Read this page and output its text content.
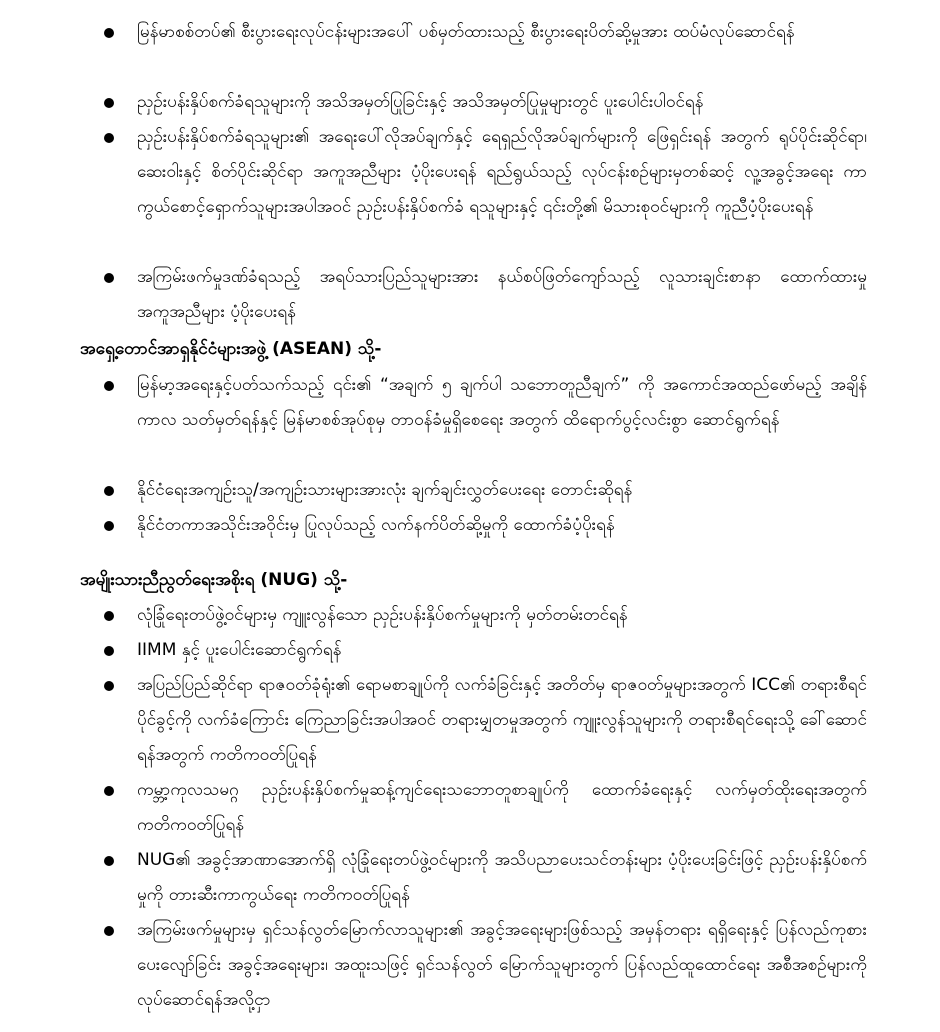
မြန်မာစစ်တပ်၏ စီးပွားရေးလုပ်ငန်းများအပေါ် ပစ်မှတ်ထားသည့် စီးပွားရေးပိတ်ဆို့မှုအား ထပ်မံလုပ်ဆောင်ရန်
ညှဥ်းပန်းနှိပ်စက်ခံရသူများကို အသိအမှတ်ပြုခြင်းနှင့် အသိအမှတ်ပြုမှုများတွင် ပူးပေါင်းပါဝင်ရန်
ညှဥ်းပန်းနှိပ်စက်ခံရသူများ၏ အရေးပေါ်လိုအပ်ချက်နှင့် ရေရှည်လိုအပ်ချက်များကို ဖြေရှင်းရန် အတွက် ရုပ်ပိုင်းဆိုင်ရာ၊ ဆေးဝါးနှင့် စိတ်ပိုင်းဆိုင်ရာ အကူအညီများ ပံ့ပိုးပေးရန် ရည်ရွယ်သည့် လုပ်ငန်းစဥ်များမှတစ်ဆင့် လူ့အခွင့်အရေး ကာကွယ်စောင့်ရှောက်သူများအပါအဝင် ညှဥ်းပန်းနှိပ်စက်ခံ ရသူများနှင့် ၎င်းတို့၏ မိသားစုဝင်များကို ကူညီပံ့ပိုးပေးရန်
အကြမ်းဖက်မှုဒဏ်ခံရသည့် အရပ်သားပြည်သူများအား နယ်စပ်ဖြတ်ကျော်သည့် လူသားချင်းစာနာ ထောက်ထားမှုအကူအညီများ ပံ့ပိုးပေးရန်
အရှေ့တောင်အာရှနိုင်ငံများအဖွဲ့ (ASEAN) သို့-
မြန်မာ့အရေးနှင့်ပတ်သက်သည့် ၎င်း၏ “အချက် ၅ ချက်ပါ သဘောတူညီချက်” ကို အကောင်အထည်ဖော်မည့် အချိန်ကာလ သတ်မှတ်ရန်နှင့် မြန်မာစစ်အုပ်စုမှ တာဝန်ခံမှုရှိစေရေး အတွက် ထိရောက်ပွင့်လင်းစွာ ဆောင်ရွက်ရန်
နိုင်ငံရေးအကျဥ်းသူ/အကျဥ်းသားများအားလုံး ချက်ချင်းလွှတ်ပေးရေး တောင်းဆိုရန်
နိုင်ငံတကာအသိုင်းအဝိုင်းမှ ပြုလုပ်သည့် လက်နက်ပိတ်ဆို့မှုကို ထောက်ခံပံ့ပိုးရန်
အမျိုးသားညီညွတ်ရေးအစိုးရ (NUG) သို့-
လုံခြုံရေးတပ်ဖွဲ့ဝင်များမှ ကျူးလွန်သော ညှဥ်းပန်းနှိပ်စက်မှုများကို မှတ်တမ်းတင်ရန်
IIMM နှင့် ပူးပေါင်းဆောင်ရွက်ရန်
အပြည်ပြည်ဆိုင်ရာ ရာဇဝတ်ခုံရုံး၏ ရောမစာချုပ်ကို လက်ခံခြင်းနှင့် အတိတ်မှ ရာဇဝတ်မှုများအတွက် ICC၏ တရားစီရင်ပိုင်ခွင့်ကို လက်ခံကြောင်း ကြေညာခြင်းအပါအဝင် တရားမျှတမှုအတွက် ကျူးလွန်သူများကို တရားစီရင်ရေးသို့ ခေါ်ဆောင်ရန်အတွက် ကတိကဝတ်ပြုရန်
ကမ္ဘာ့ကုလသမဂ္ဂ ညှဥ်းပန်းနှိပ်စက်မှုဆန့်ကျင်ရေးသဘောတူစာချုပ်ကို ထောက်ခံရေးနှင့် လက်မှတ်ထိုးရေးအတွက် ကတိကဝတ်ပြုရန်
NUG၏ အခွင့်အာဏာအောက်ရှိ လုံခြုံရေးတပ်ဖွဲ့ဝင်များကို အသိပညာပေးသင်တန်းများ ပံ့ပိုးပေးခြင်းဖြင့် ညှဥ်းပန်းနှိပ်စက်မှုကို တားဆီးကာကွယ်ရေး ကတိကဝတ်ပြုရန်
အကြမ်းဖက်မှုများမှ ရှင်သန်လွတ်မြောက်လာသူများ၏ အခွင့်အရေးများဖြစ်သည့် အမှန်တရား ရရှိရေးနှင့် ပြန်လည်ကုစားပေးလျော်ခြင်း အခွင့်အရေးများ၊ အထူးသဖြင့် ရှင်သန်လွတ် မြောက်သူများတွက် ပြန်လည်ထူထောင်ရေး အစီအစဥ်များကို လုပ်ဆောင်ရန်အလို့ငှာ
